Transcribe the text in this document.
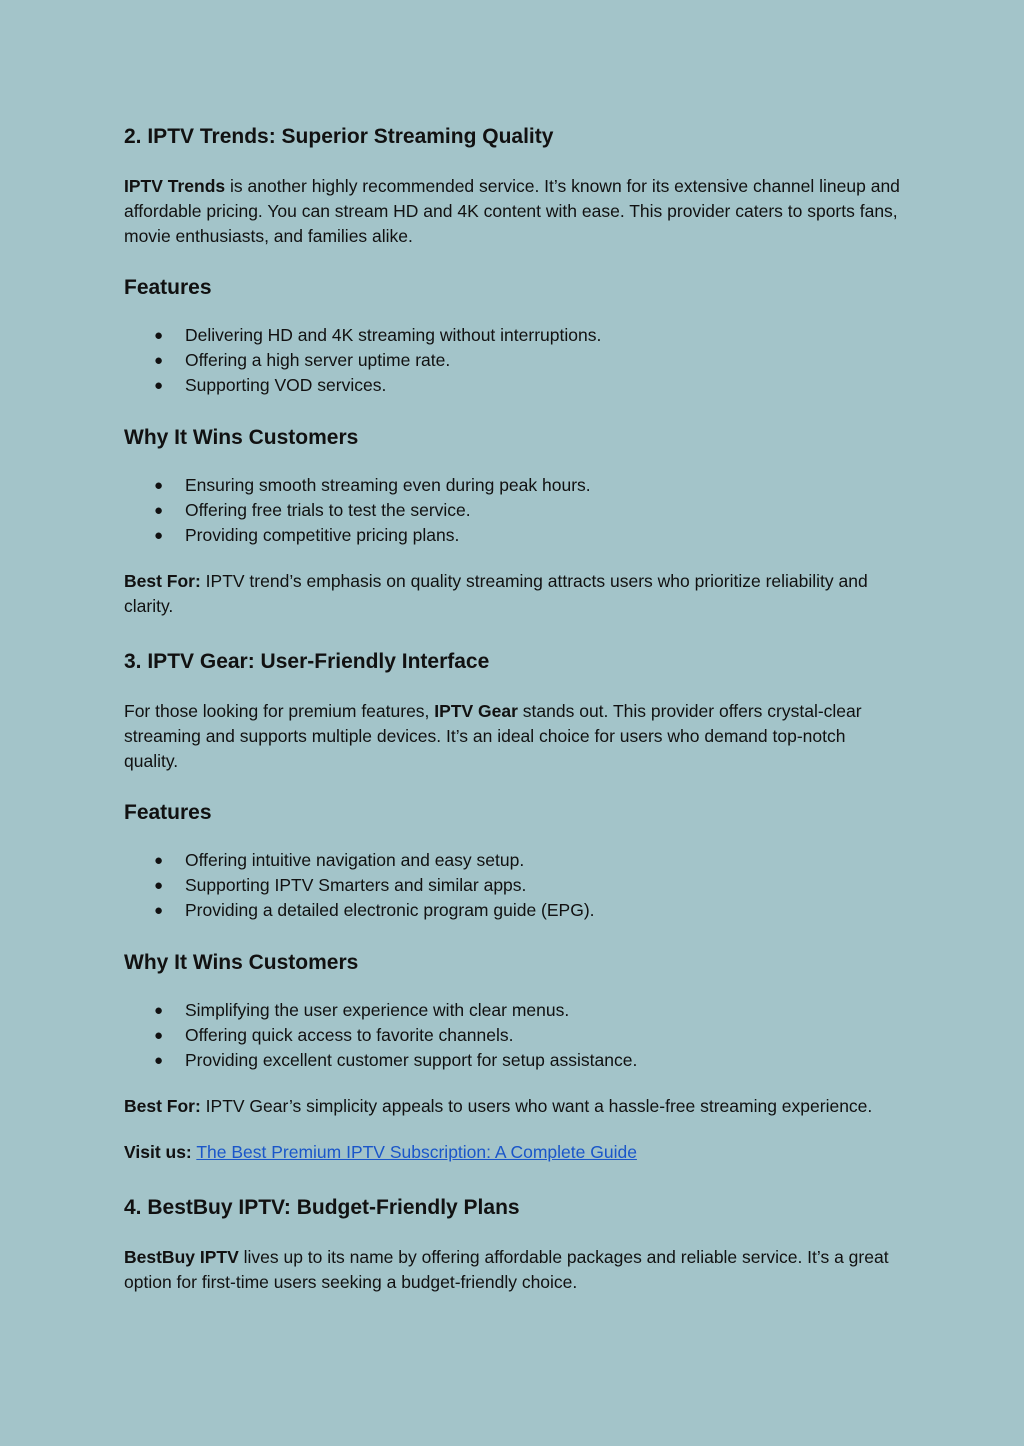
2. IPTV Trends: Superior Streaming Quality

IPTV Trends is another highly recommended service. It’s known for its extensive channel lineup and affordable pricing. You can stream HD and 4K content with ease. This provider caters to sports fans, movie enthusiasts, and families alike.

Features
● Delivering HD and 4K streaming without interruptions.
● Offering a high server uptime rate.
● Supporting VOD services.
Why It Wins Customers
● Ensuring smooth streaming even during peak hours.
● Offering free trials to test the service.
● Providing competitive pricing plans.

Best For: IPTV trend’s emphasis on quality streaming attracts users who prioritize reliability and clarity.

3. IPTV Gear: User-Friendly Interface

For those looking for premium features, IPTV Gear stands out. This provider offers crystal-clear streaming and supports multiple devices. It’s an ideal choice for users who demand top-notch quality.

Features
● Offering intuitive navigation and easy setup.
● Supporting IPTV Smarters and similar apps.
● Providing a detailed electronic program guide (EPG).
Why It Wins Customers
● Simplifying the user experience with clear menus.
● Offering quick access to favorite channels.
● Providing excellent customer support for setup assistance.

Best For: IPTV Gear’s simplicity appeals to users who want a hassle-free streaming experience.

Visit us: The Best Premium IPTV Subscription: A Complete Guide

4. BestBuy IPTV: Budget-Friendly Plans

BestBuy IPTV lives up to its name by offering affordable packages and reliable service. It’s a great option for first-time users seeking a budget-friendly choice.
